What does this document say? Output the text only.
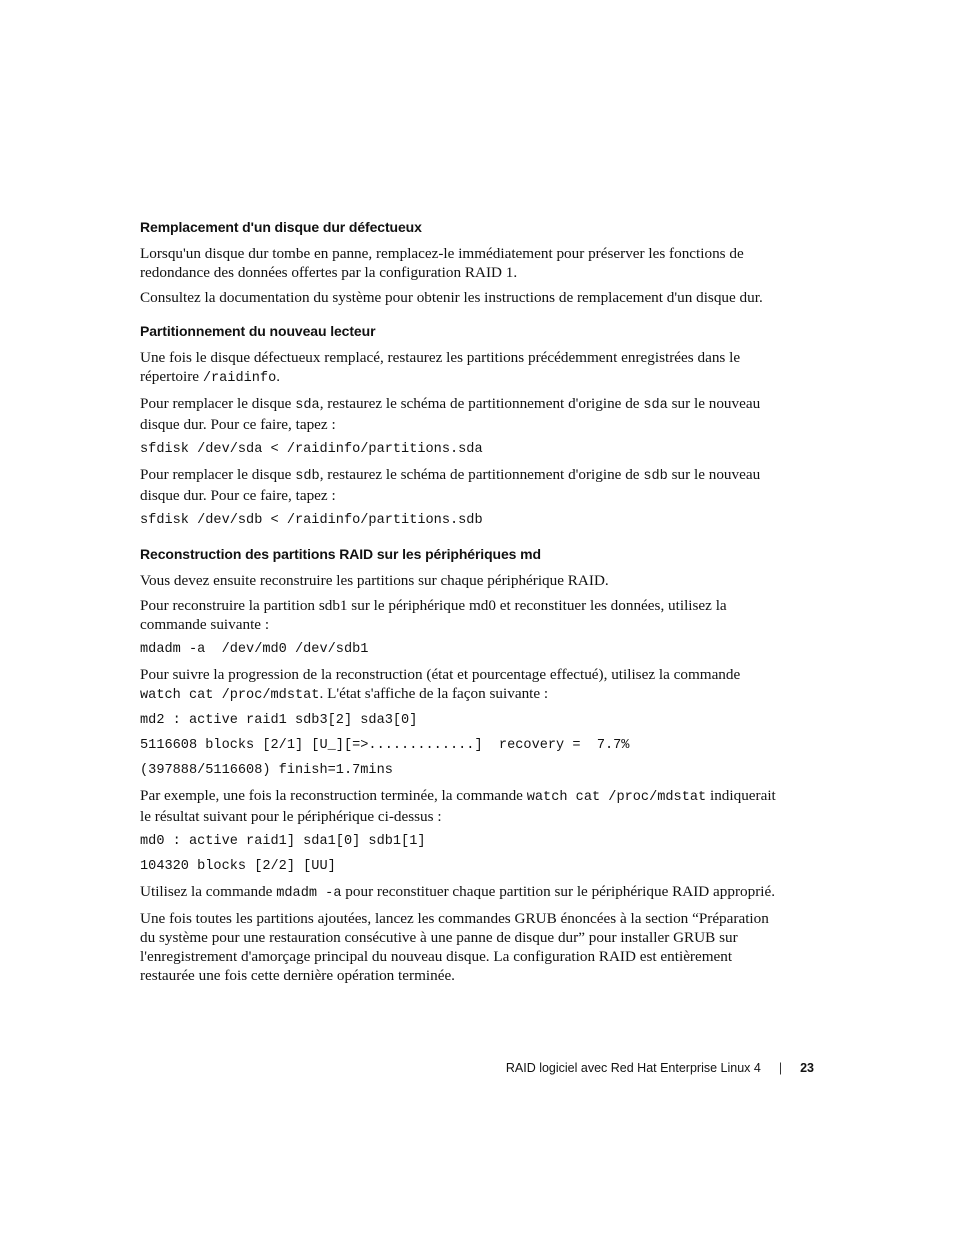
Remplacement d'un disque dur défectueux

Lorsqu'un disque dur tombe en panne, remplacez-le immédiatement pour préserver les fonctions de redondance des données offertes par la configuration RAID 1.

Consultez la documentation du système pour obtenir les instructions de remplacement d'un disque dur.

Partitionnement du nouveau lecteur

Une fois le disque défectueux remplacé, restaurez les partitions précédemment enregistrées dans le répertoire /raidinfo.

Pour remplacer le disque sda, restaurez le schéma de partitionnement d'origine de sda sur le nouveau disque dur. Pour ce faire, tapez :

sfdisk /dev/sda < /raidinfo/partitions.sda

Pour remplacer le disque sdb, restaurez le schéma de partitionnement d'origine de sdb sur le nouveau disque dur. Pour ce faire, tapez :

sfdisk /dev/sdb < /raidinfo/partitions.sdb
Reconstruction des partitions RAID sur les périphériques md

Vous devez ensuite reconstruire les partitions sur chaque périphérique RAID.

Pour reconstruire la partition sdb1 sur le périphérique md0 et reconstituer les données, utilisez la commande suivante :

mdadm -a  /dev/md0 /dev/sdb1

Pour suivre la progression de la reconstruction (état et pourcentage effectué), utilisez la commande watch cat /proc/mdstat. L'état s'affiche de la façon suivante :

md2 : active raid1 sdb3[2] sda3[0]
5116608 blocks [2/1] [U_][=>.............]  recovery =  7.7%
(397888/5116608) finish=1.7mins

Par exemple, une fois la reconstruction terminée, la commande watch cat /proc/mdstat indiquerait le résultat suivant pour le périphérique ci-dessus :

md0 : active raid1] sda1[0] sdb1[1]
104320 blocks [2/2] [UU]

Utilisez la commande mdadm -a pour reconstituer chaque partition sur le périphérique RAID approprié.

Une fois toutes les partitions ajoutées, lancez les commandes GRUB énoncées à la section “Préparation du système pour une restauration consécutive à une panne de disque dur” pour installer GRUB sur l'enregistrement d'amorçage principal du nouveau disque. La configuration RAID est entièrement restaurée une fois cette dernière opération terminée.

RAID logiciel avec Red Hat Enterprise Linux 4 | 23
